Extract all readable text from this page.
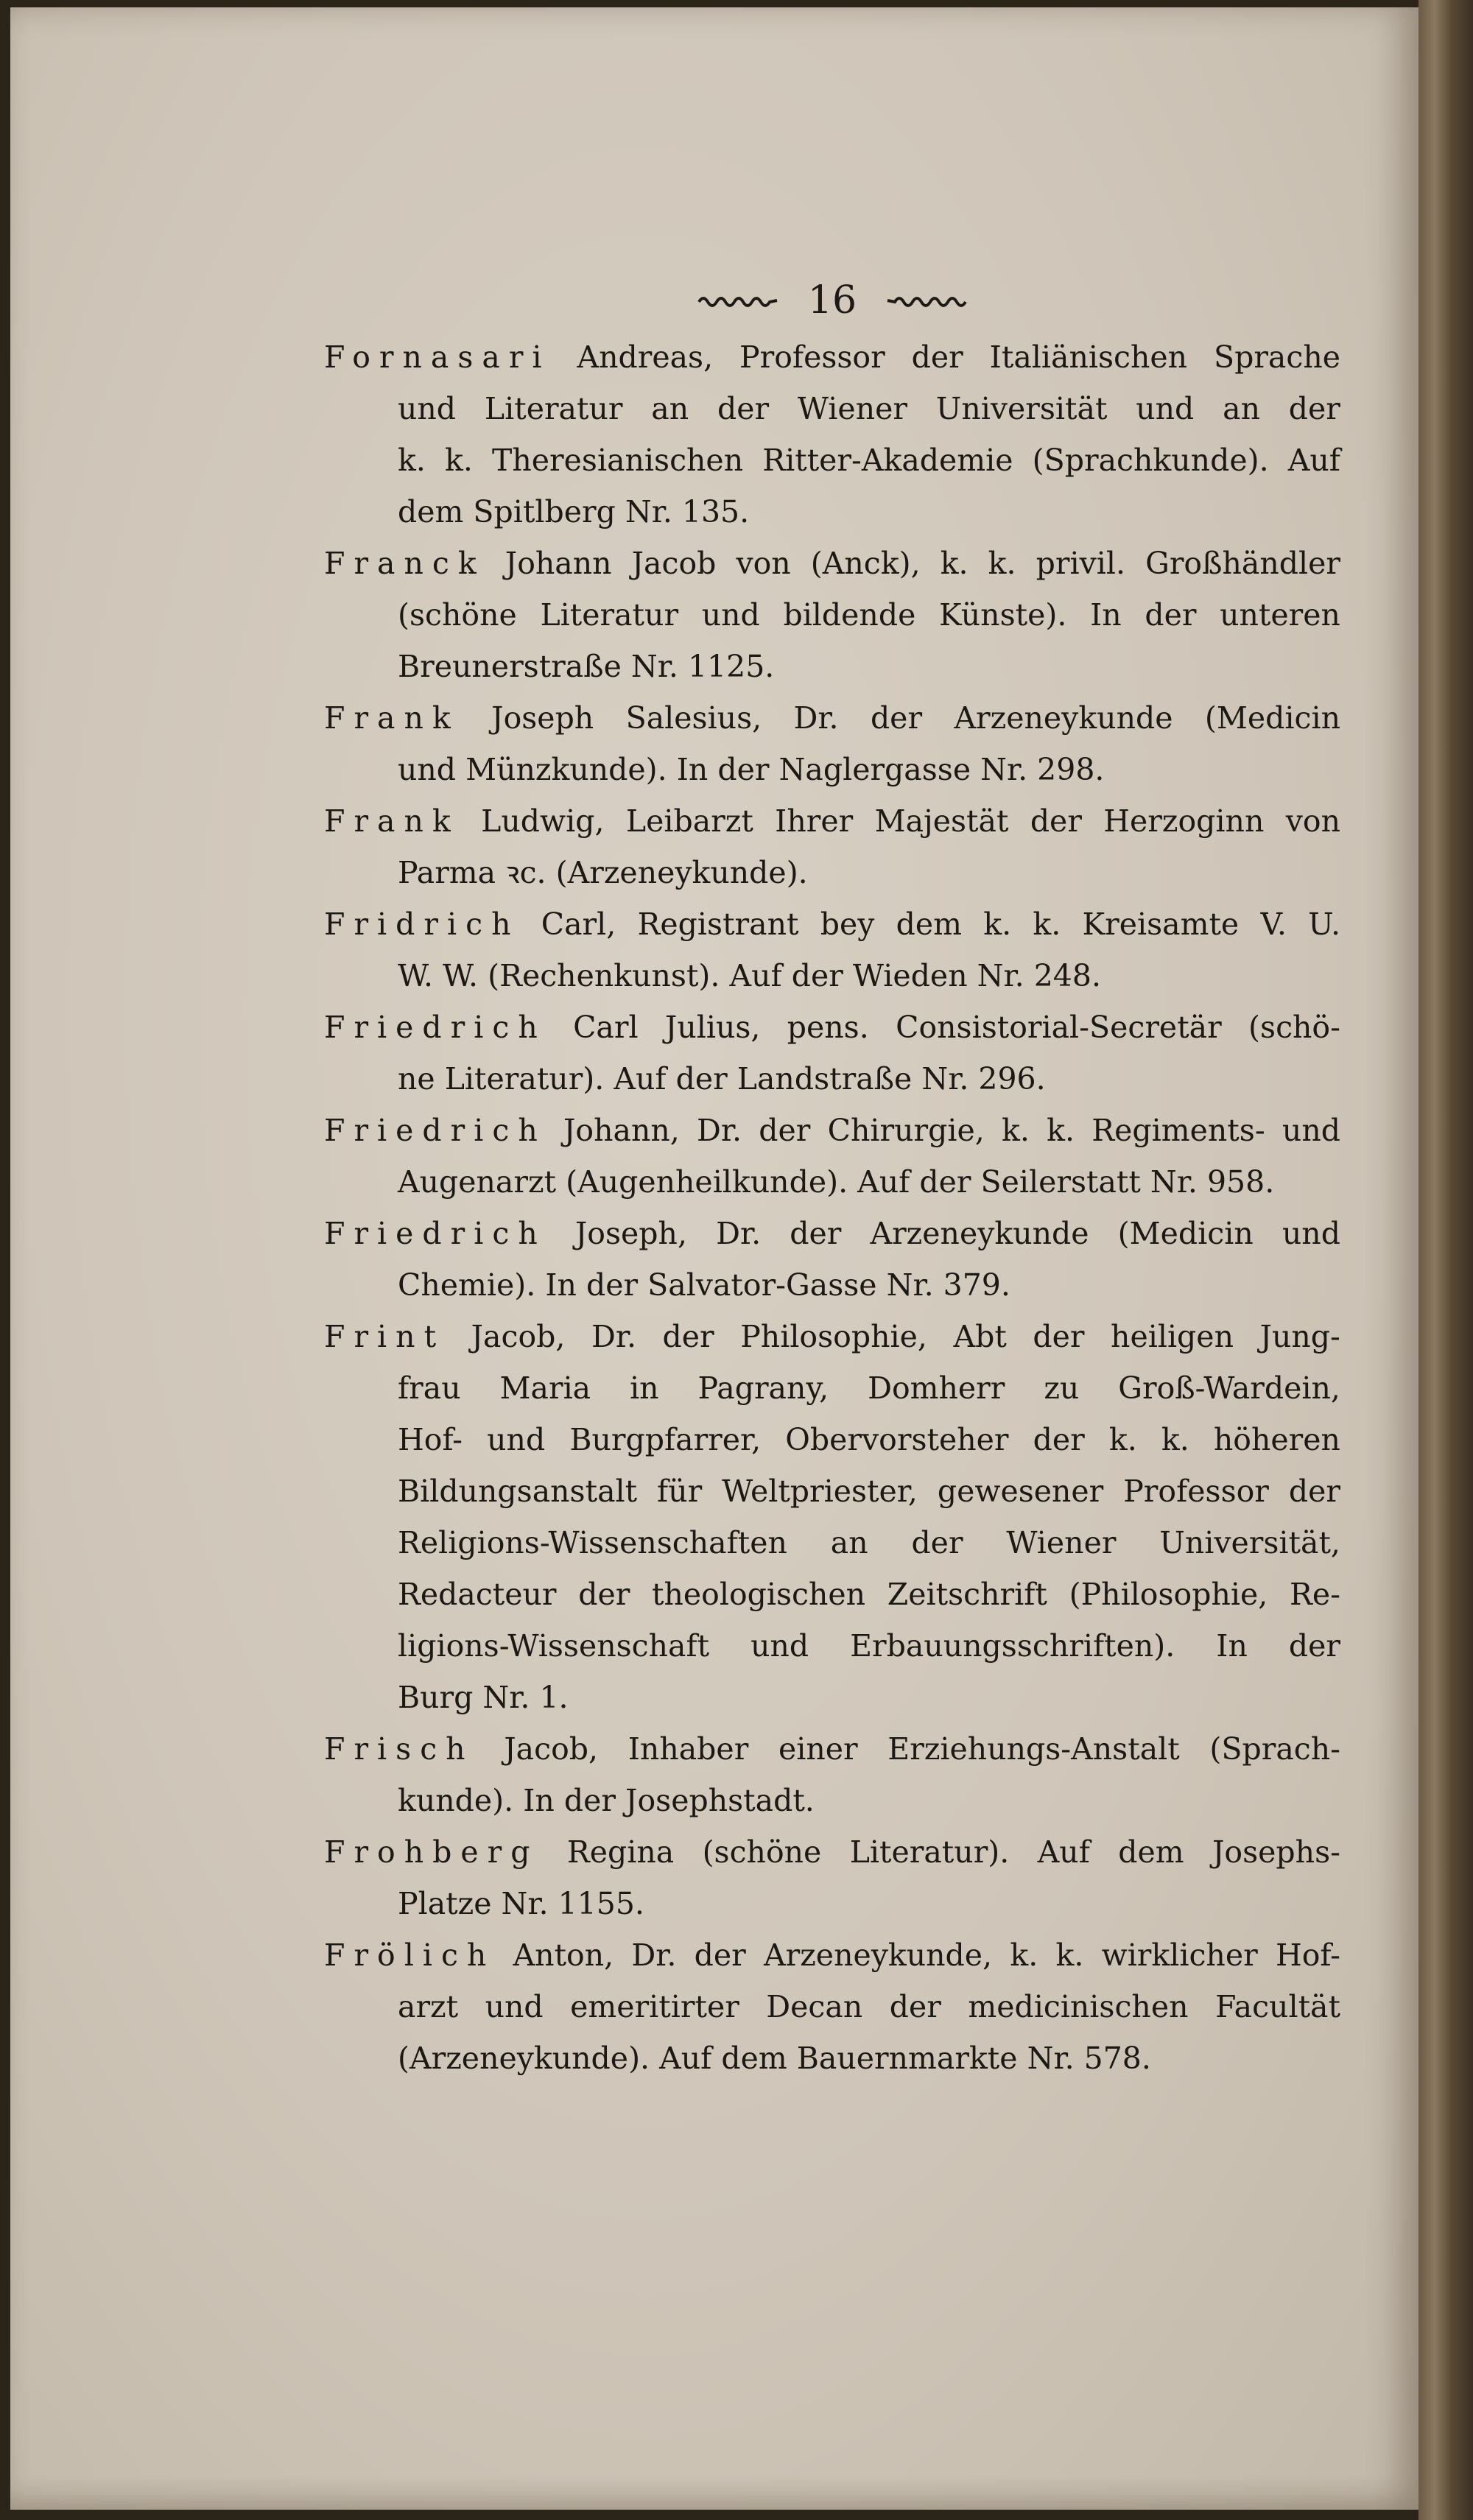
16
Fornasari Andreas, Professor der Italiänischen Sprache
und Literatur an der Wiener Universität und an der
k. k. Theresianischen Ritter-Akademie (Sprachkunde). Auf
dem Spitlberg Nr. 135.
Franck Johann Jacob von (Anck), k. k. privil. Großhändler
(schöne Literatur und bildende Künste). In der unteren
Breunerstraße Nr. 1125.
Frank Joseph Salesius, Dr. der Arzeneykunde (Medicin
und Münzkunde). In der Naglergasse Nr. 298.
Frank Ludwig, Leibarzt Ihrer Majestät der Herzoginn von
Parma ꝛc. (Arzeneykunde).
Fridrich Carl, Registrant bey dem k. k. Kreisamte V. U.
W. W. (Rechenkunst). Auf der Wieden Nr. 248.
Friedrich Carl Julius, pens. Consistorial-Secretär (schö-
ne Literatur). Auf der Landstraße Nr. 296.
Friedrich Johann, Dr. der Chirurgie, k. k. Regiments- und
Augenarzt (Augenheilkunde). Auf der Seilerstatt Nr. 958.
Friedrich Joseph, Dr. der Arzeneykunde (Medicin und
Chemie). In der Salvator-Gasse Nr. 379.
Frint Jacob, Dr. der Philosophie, Abt der heiligen Jung-
frau Maria in Pagrany, Domherr zu Groß-Wardein,
Hof- und Burgpfarrer, Obervorsteher der k. k. höheren
Bildungsanstalt für Weltpriester, gewesener Professor der
Religions-Wissenschaften an der Wiener Universität,
Redacteur der theologischen Zeitschrift (Philosophie, Re-
ligions-Wissenschaft und Erbauungsschriften). In der
Burg Nr. 1.
Frisch Jacob, Inhaber einer Erziehungs-Anstalt (Sprach-
kunde). In der Josephstadt.
Frohberg Regina (schöne Literatur). Auf dem Josephs-
Platze Nr. 1155.
Frölich Anton, Dr. der Arzeneykunde, k. k. wirklicher Hof-
arzt und emeritirter Decan der medicinischen Facultät
(Arzeneykunde). Auf dem Bauernmarkte Nr. 578.
